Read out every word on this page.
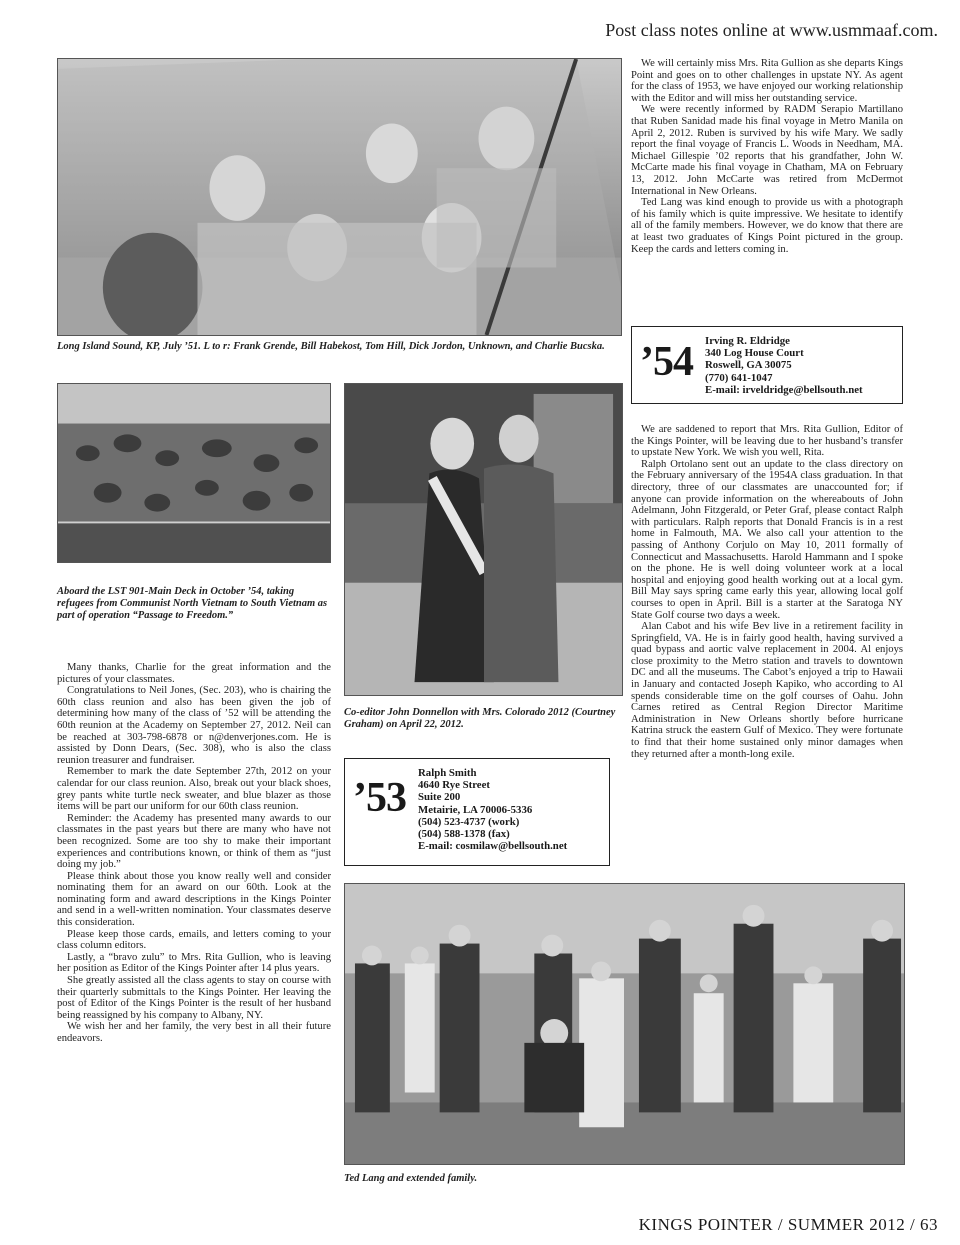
Post class notes online at www.usmmaaf.com.
Long Island Sound, KP, July ’51. L to r: Frank Grende, Bill Habekost, Tom Hill, Dick Jordon, Unknown, and Charlie Bucska.

We will certainly miss Mrs. Rita Gullion as she departs Kings Point and goes on to other challenges in upstate NY. As agent for the class of 1953, we have enjoyed our working relationship with the Editor and will miss her outstanding service.

We were recently informed by RADM Serapio Martillano that Ruben Sanidad made his final voyage in Metro Manila on April 2, 2012. Ruben is survived by his wife Mary. We sadly report the final voyage of Francis L. Woods in Needham, MA. Michael Gillespie ’02 reports that his grandfather, John W. McCarte made his final voyage in Chatham, MA on February 13, 2012. John McCarte was retired from McDermot International in New Orleans.

Ted Lang was kind enough to provide us with a photograph of his family which is quite impressive. We hesitate to identify all of the family members. However, we do know that there are at least two graduates of Kings Point pictured in the group. Keep the cards and letters coming in.

’54 Irving R. Eldridge
340 Log House Court
Roswell, GA 30075
(770) 641-1047
E-mail: irveldridge@bellsouth.net
Aboard the LST 901-Main Deck in October ’54, taking refugees from Communist North Vietnam to South Vietnam as part of operation “Passage to Freedom.”
Co-editor John Donnellon with Mrs. Colorado 2012 (Courtney Graham) on April 22, 2012.

We are saddened to report that Mrs. Rita Gullion, Editor of the Kings Pointer, will be leaving due to her husband’s transfer to upstate New York. We wish you well, Rita.

Ralph Ortolano sent out an update to the class directory on the February anniversary of the 1954A class graduation. In that directory, three of our classmates are unaccounted for; if anyone can provide information on the whereabouts of John Adelmann, John Fitzgerald, or Peter Graf, please contact Ralph with particulars. Ralph reports that Donald Francis is in a rest home in Falmouth, MA. We also call your attention to the passing of Anthony Corjulo on May 10, 2011 formally of Connecticut and Massachusetts. Harold Hammann and I spoke on the phone. He is well doing volunteer work at a local hospital and enjoying good health working out at a local gym. Bill May says spring came early this year, allowing local golf courses to open in April. Bill is a starter at the Saratoga NY State Golf course two days a week.

Alan Cabot and his wife Bev live in a retirement facility in Springfield, VA. He is in fairly good health, having survived a quad bypass and aortic valve replacement in 2004. Al enjoys close proximity to the Metro station and travels to downtown DC and all the museums. The Cabot’s enjoyed a trip to Hawaii in January and contacted Joseph Kapiko, who according to Al spends considerable time on the golf courses of Oahu. John Carnes retired as Central Region Director Maritime Administration in New Orleans shortly before hurricane Katrina struck the eastern Gulf of Mexico. They were fortunate to find that their home sustained only minor damages when they returned after a month-long exile.

Many thanks, Charlie for the great information and the pictures of your classmates.

Congratulations to Neil Jones, (Sec. 203), who is chairing the 60th class reunion and also has been given the job of determining how many of the class of ’52 will be attending the 60th reunion at the Academy on September 27, 2012. Neil can be reached at 303-798-6878 or n@denverjones.com. He is assisted by Donn Dears, (Sec. 308), who is also the class reunion treasurer and fundraiser.

Remember to mark the date September 27th, 2012 on your calendar for our class reunion. Also, break out your black shoes, grey pants white turtle neck sweater, and blue blazer as those items will be part our uniform for our 60th class reunion.

Reminder: the Academy has presented many awards to our classmates in the past years but there are many who have not been recognized. Some are too shy to make their important experiences and contributions known, or think of them as “just doing my job.”

Please think about those you know really well and consider nominating them for an award on our 60th. Look at the nominating form and award descriptions in the Kings Pointer and send in a well-written nomination. Your classmates deserve this consideration.

Please keep those cards, emails, and letters coming to your class column editors.

Lastly, a “bravo zulu” to Mrs. Rita Gullion, who is leaving her position as Editor of the Kings Pointer after 14 plus years.

She greatly assisted all the class agents to stay on course with their quarterly submittals to the Kings Pointer. Her leaving the post of Editor of the Kings Pointer is the result of her husband being reassigned by his company to Albany, NY.

We wish her and her family, the very best in all their future endeavors.

’53
Ralph Smith
4640 Rye Street
Suite 200
Metairie, LA 70006-5336
(504) 523-4737 (work)
(504) 588-1378 (fax)
E-mail: cosmilaw@bellsouth.net
Ted Lang and extended family.
KINGS POINTER / SUMMER 2012 / 63
